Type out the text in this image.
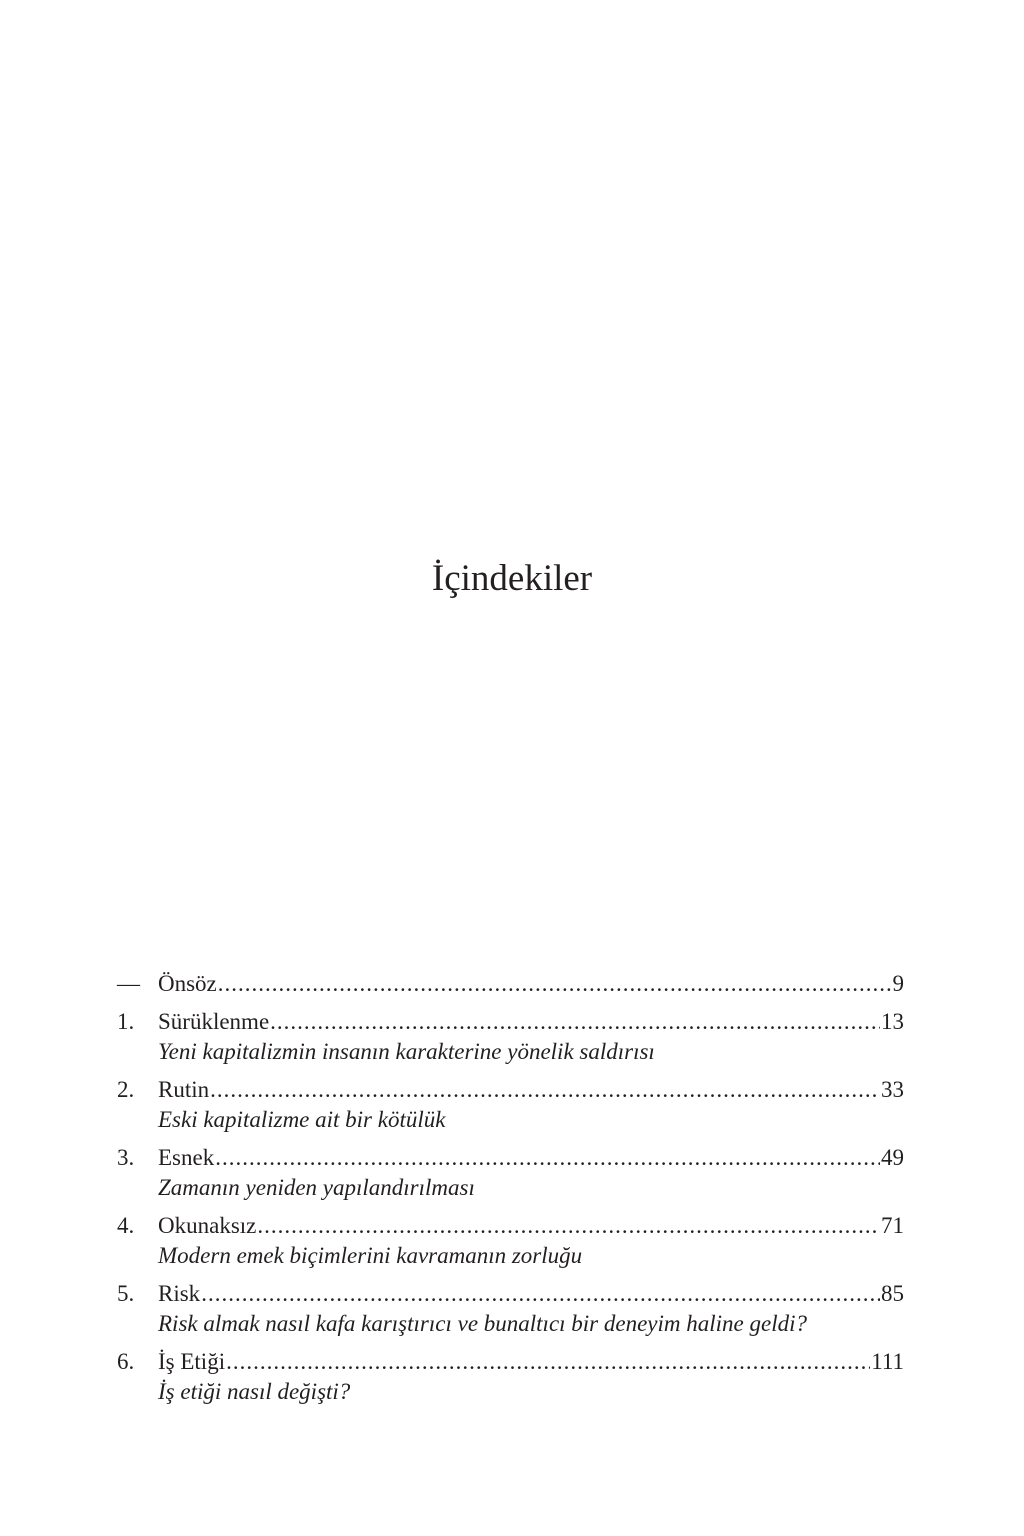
İçindekiler
— Önsöz .....	9
1.	Sürüklenme .....	13
Yeni kapitalizmin insanın karakterine yönelik saldırısı
2.	Rutin .....	33
Eski kapitalizme ait bir kötülük
3.	Esnek .....	49
Zamanın yeniden yapılandırılması
4.	Okunaksız .....	71
Modern emek biçimlerini kavramanın zorluğu
5.	Risk .....	85
Risk almak nasıl kafa karıştırıcı ve bunaltıcı bir deneyim haline geldi?
6.	İş Etiği .....	111
İş etiği nasıl değişti?
